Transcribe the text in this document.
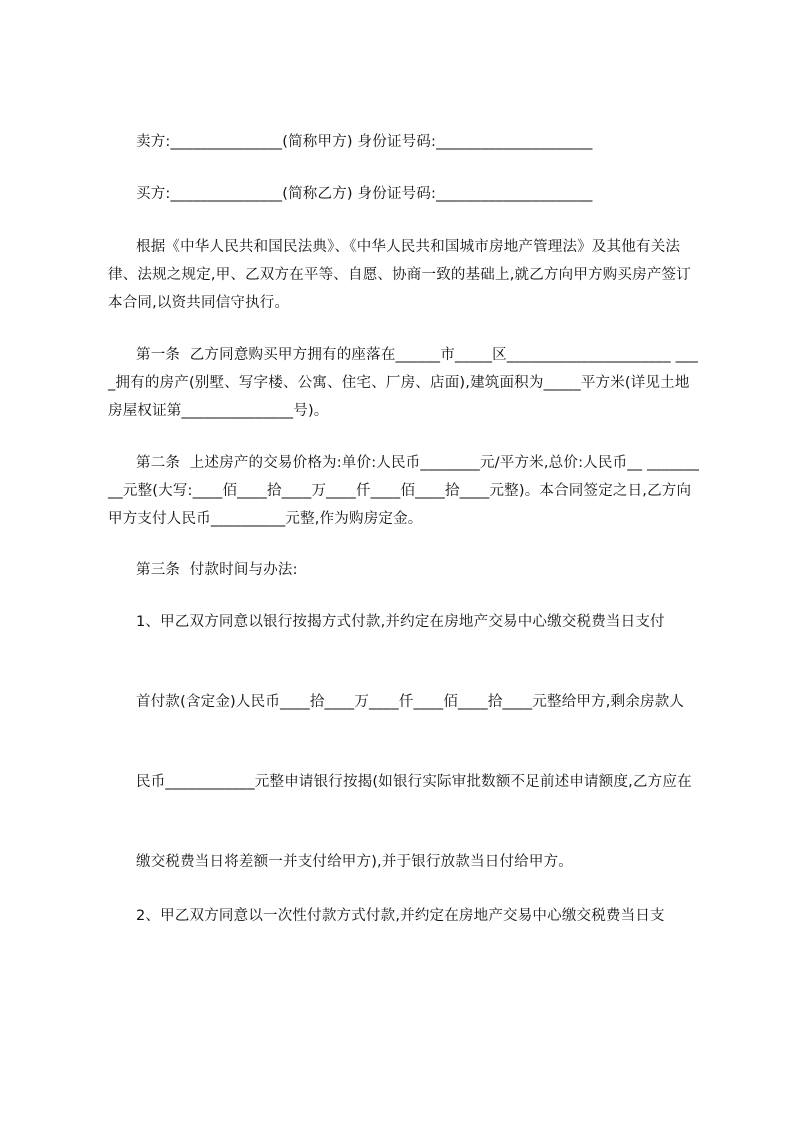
卖方:_______________(简称甲方) 身份证号码:_____________________

买方:_______________(简称乙方) 身份证号码:_____________________

根据《中华人民共和国民法典》、《中华人民共和国城市房地产管理法》及其他有关法律、法规之规定,甲、乙双方在平等、自愿、协商一致的基础上,就乙方向甲方购买房产签订本合同,以资共同信守执行。

第一条  乙方同意购买甲方拥有的座落在______市_____区______________________ ____拥有的房产(别墅、写字楼、公寓、住宅、厂房、店面),建筑面积为_____平方米(详见土地房屋权证第_______________号)。

第二条  上述房产的交易价格为:单价:人民币________元/平方米,总价:人民币__ _________元整(大写:____佰____拾____万____仟____佰____拾____元整)。本合同签定之日,乙方向甲方支付人民币__________元整,作为购房定金。

第三条  付款时间与办法:

1、甲乙双方同意以银行按揭方式付款,并约定在房地产交易中心缴交税费当日支付

首付款(含定金)人民币____拾____万____仟____佰____拾____元整给甲方,剩余房款人

民币____________元整申请银行按揭(如银行实际审批数额不足前述申请额度,乙方应在

缴交税费当日将差额一并支付给甲方),并于银行放款当日付给甲方。

2、甲乙双方同意以一次性付款方式付款,并约定在房地产交易中心缴交税费当日支
